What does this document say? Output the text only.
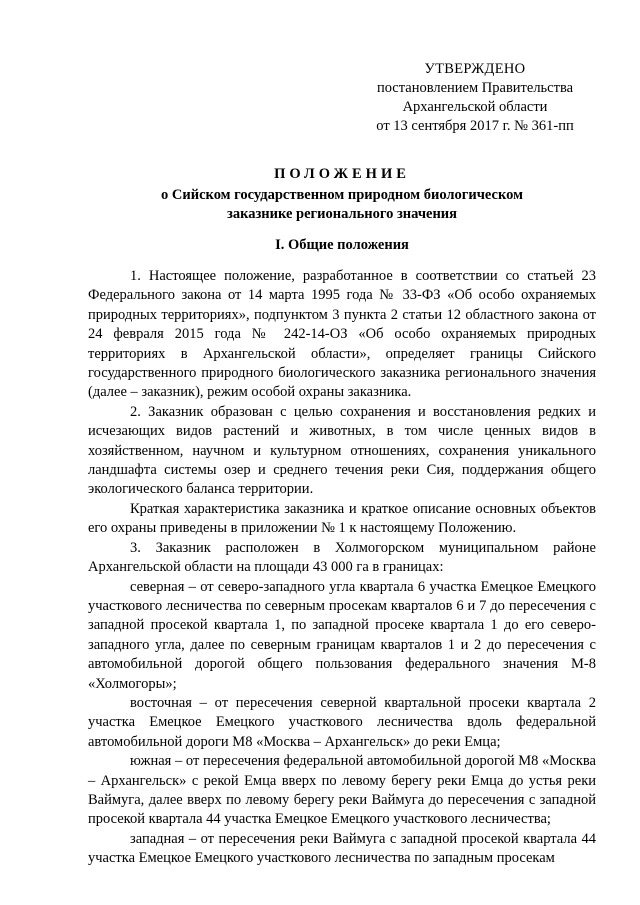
УТВЕРЖДЕНО
постановлением Правительства
Архангельской области
от 13 сентября 2017 г. № 361-пп
ПОЛОЖЕНИЕ
о Сийском государственном природном биологическом
заказнике регионального значения
I. Общие положения

1. Настоящее положение, разработанное в соответствии со статьей 23 Федерального закона от 14 марта 1995 года № 33-ФЗ «Об особо охраняемых природных территориях», подпунктом 3 пункта 2 статьи 12 областного закона от 24 февраля 2015 года № 242-14-ОЗ «Об особо охраняемых природных территориях в Архангельской области», определяет границы Сийского государственного природного биологического заказника регионального значения (далее – заказник), режим особой охраны заказника.

2. Заказник образован с целью сохранения и восстановления редких и исчезающих видов растений и животных, в том числе ценных видов в хозяйственном, научном и культурном отношениях, сохранения уникального ландшафта системы озер и среднего течения реки Сия, поддержания общего экологического баланса территории.

Краткая характеристика заказника и краткое описание основных объектов его охраны приведены в приложении № 1 к настоящему Положению.

3. Заказник расположен в Холмогорском муниципальном районе Архангельской области на площади 43 000 га в границах:

северная – от северо-западного угла квартала 6 участка Емецкое Емецкого участкового лесничества по северным просекам кварталов 6 и 7 до пересечения с западной просекой квартала 1, по западной просеке квартала 1 до его северо-западного угла, далее по северным границам кварталов 1 и 2 до пересечения с автомобильной дорогой общего пользования федерального значения М-8 «Холмогоры»;

восточная – от пересечения северной квартальной просеки квартала 2 участка Емецкое Емецкого участкового лесничества вдоль федеральной автомобильной дороги М8 «Москва – Архангельск» до реки Емца;

южная – от пересечения федеральной автомобильной дорогой М8 «Москва – Архангельск» с рекой Емца вверх по левому берегу реки Емца до устья реки Ваймуга, далее вверх по левому берегу реки Ваймуга до пересечения с западной просекой квартала 44 участка Емецкое Емецкого участкового лесничества;

западная – от пересечения реки Ваймуга с западной просекой квартала 44 участка Емецкое Емецкого участкового лесничества по западным просекам
